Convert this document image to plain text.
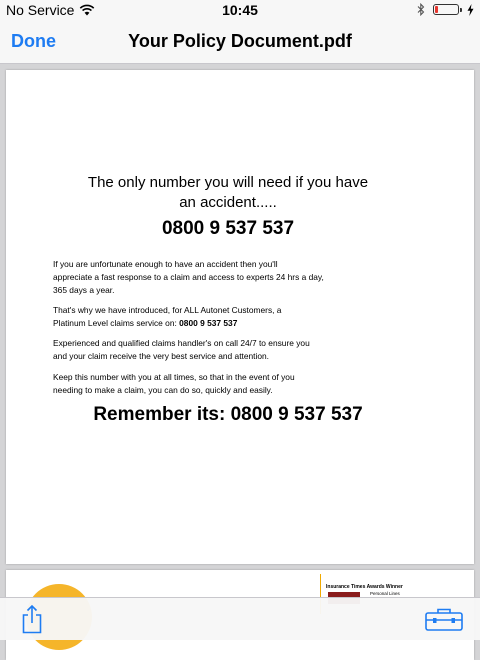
No Service	10:45
Done	Your Policy Document.pdf
The only number you will need if you have
an accident.....
0800 9 537 537

If you are unfortunate enough to have an accident then you'll
appreciate a fast response to a claim and access to experts 24 hrs a day,
365 days a year.

That's why we have introduced, for ALL Autonet Customers, a
Platinum Level claims service on: 0800 9 537 537

Experienced and qualified claims handler's on call 24/7 to ensure you
and your claim receive the very best service and attention.

Keep this number with you at all times, so that in the event of you
needing to make a claim, you can do so, quickly and easily.

Remember its: 0800 9 537 537
Insurance Times Awards Winner
Personal Lines
